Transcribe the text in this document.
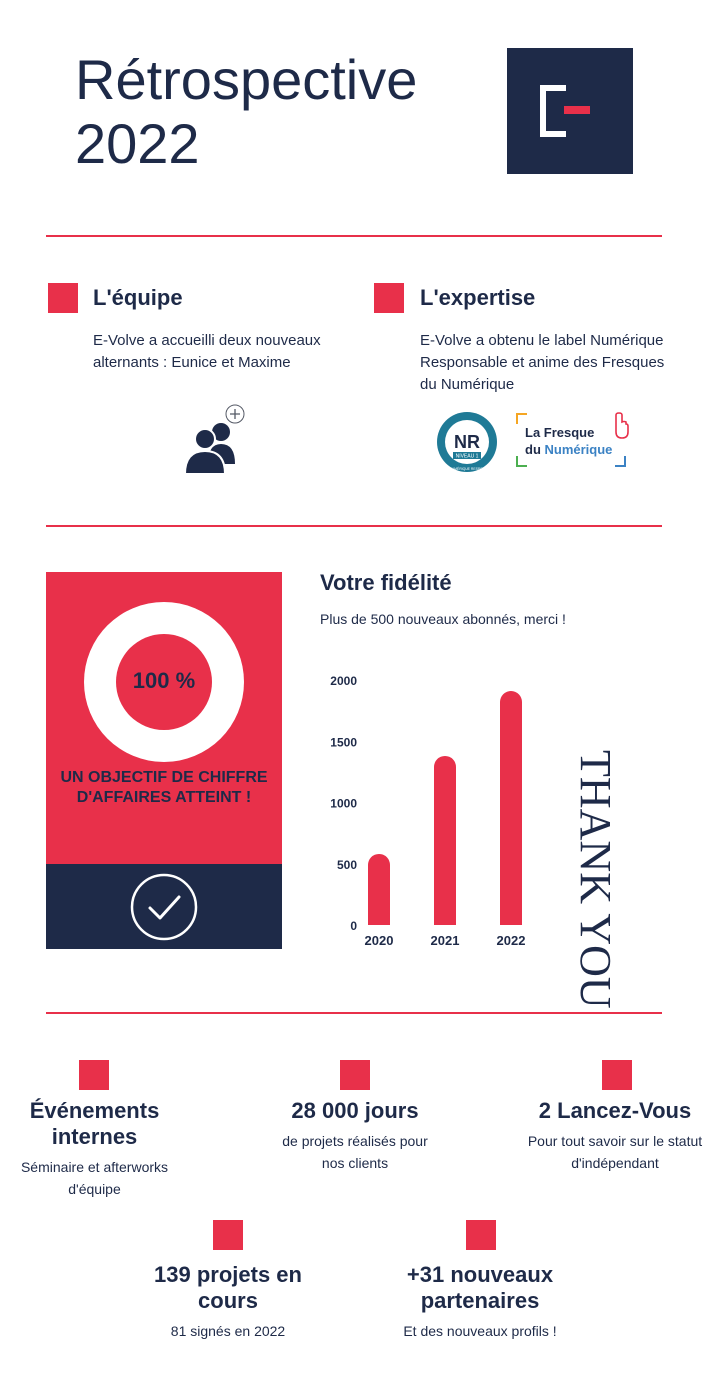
Rétrospective
2022
L'équipe
E-Volve a accueilli deux nouveaux alternants : Eunice et Maxime
L'expertise
E-Volve a obtenu le label Numérique Responsable et anime des Fresques du Numérique
NR
NIVEAU 1
LABEL NUMÉRIQUE RESPONSABLE
La Fresque
du Numérique
100 %
UN OBJECTIF DE CHIFFRE D'AFFAIRES ATTEINT !
Votre fidélité
Plus de 500 nouveaux abonnés, merci !
0
500
1000
1500
2000
2020	2021	2022 THANK YOU
Événements internes
Séminaire et afterworks d'équipe
28 000 jours
de projets réalisés pour nos clients
2 Lancez-Vous
Pour tout savoir sur le statut d'indépendant
139 projets en cours
81 signés en 2022
+31 nouveaux partenaires
Et des nouveaux profils !
